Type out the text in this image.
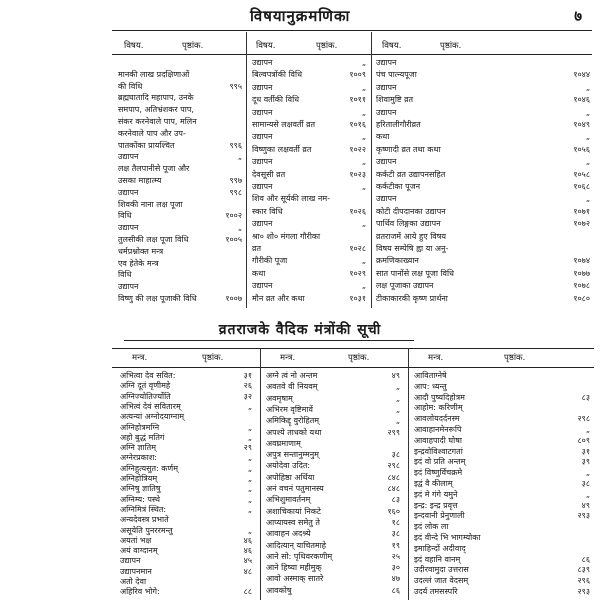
विषयानुक्रमणिका	७
विषय.	पृष्ठांक.	विषय.	पृष्ठांक.	विषय.	पृष्ठांक.
मानकी लाख प्रदक्षिणाओं
की विधि	९९५
ब्रह्मघातादि महापाप, उनके
समपाप, अतिभ्रंशकर पाप,
संकर करनेवाले पाप, मलिन
करनेवाले पाप और उप-
पातकोंका प्रायश्चित	९९६
उद्यापन	„
लक्ष तैलपानीसे पूजा और
उसका माहात्म्य	९९७
उद्यापन	९९८
शिवकी नाना लक्ष पूजा
विधि	१००२
उद्यापन	„
तुलसीकी लक्ष पूजा विधि	१००५
धर्मप्रश्नोक्त मन्त्र
एव हेतेके मन्त्र
विधि
उद्यापन
विष्णु की लक्ष पूजाकी विधि	१००७
उद्यापन	„
बिल्वपत्रोंकी विधि	१००९
उद्यापन	„
दूध वर्तीकी विधि	१०११
उद्यापन	„
सामान्यसे लक्षवर्ती व्रत	१०१६
उद्यापन	„
विष्णुका लक्षवर्ती व्रत	१०२२
उद्यापन	„
देवसूसी व्रत	१०२३
उद्यापन	„
शिव और सूर्यकी लाख नम-
स्कार विधि	१०२६
उद्यापन	„
श्रा० शो० मंगला गौरीका
व्रत	१०२८
गौरीकी पूजा	„
कथा	१०२९
उद्यापन	„
मौन व्रत और कथा	१०३१
उद्यापन
पंच पात्न्यपूजा	१०४४
उद्यापन	„
शिवामुष्टि व्रत	१०४६
उद्यापन	„
हरितालीगौरीव्रत	१०४९
कथा	„
कृष्णादी व्रत तथा कथा	१०५६
उद्यापन	„
कर्कटी व्रत उद्यापनसहित	१०५८
कर्कटीका पूजन	१०६८
उद्यापन	„
कोटी दीपदानका उद्यापन	१०७१
पार्थिव लिङ्गका उद्यापन	१०७२
व्रतराजमें आये हुए विषय
विषय सम्पेषि ह्वा या अनु-
क्रमणिकाख्यान	१०७४
सात पानोंसे लक्ष पूजा विधि	१०७७
लक्ष पूजाका उद्यापन	१०७८
टीकाकारकी कृष्ण प्रार्थना	१०८०
व्रतराजके वैदिक मंत्रोंकी सूची
मन्त्र.	पृष्ठांक.	मन्त्र.	पृष्ठांक.	मन्त्र.	पृष्ठांक.
अभित्वा देव सवित:	३१
अग्नि दूतं वृणीमहे	२६
अग्निज्योतिर्ज्योति	३२
अभित्वं देवं सवितारम्	„
अत्यन्यां अग्नोदयाग्नाम्
अग्निहोत्रमग्नि	„
अहो बुद्धं मतिगं	„
अग्नि ज्ञातिम्	२९
अग्नेरप्रकाश:	„
अग्निहुत्यसुत: कर्णम्	„
अग्निहोत्रियम्	„
अग्निषु ज्ञातिषु	„
अग्निम्य: पस्थे	„
अग्निमित्रं स्थित:	„
अन्यदेवस्त्र प्रभाते
असूयेति पुनररमन्तु	„
अयतां भक्ष	४६
अयं वाग्दानम्	४६
उद्यापन	४५
उद्यापनमान	४८
अतो देवा
अहिरिव भोगे:	८८
अग्ने त्वं नो अन्तम	४९
अवतवे वी नियवम्	„
अवमृषाम्	„
अभिरम वृष्टिमावें	„
अमिकिद्दृ वुरोहितम्	„
अपश्ये ताधको यथा	२९९
अवघ्रमाणाम्
अपुत्र सन्तानुम्मनुम्	३८
अयोदेवा उदित:	२९८
अपोहिष्ठा अर्थिया	८४८
अनं वचनं पतुमानस्य	८४८
अभिशुमावर्तनम्	८३
अशाचिकायां निकटे	१६०
आप्यायस्व समेतु ते	१८
आवाहन अदश्र्ये	३८
आदित्यान् याचितमाहे	१९
आने सो: पृथिवरकणीम्	२५
आने हिष्या महीमुक्	३०
आवो अस्माक् सातरे	४७
आवकोषु	८६
आविताग्नेषे
आप: ध्यन्तु
आदौ पुष्यदिहोत्रम	८३
आहोम: करिणीम्
आवलोयदर्दनस्म	२९८
आवाहानमेनरूपि	„
आवाहपादी घोषा	८०९
इन्द्रवोविश्वाटगतां	३१
इदं वो प्रति अन्तम्	३९
इदं विष्णुर्विचक्रमे	„
इद्वं वै कीलाम्	३८
इदं मे गंगे यमुने	„
इन्द्र: इन्द्र प्रवृत्त	४९
इन्दवानी प्रेनुणाली	२९३
इदं लोक ला
इदं वीन्दे भि भागम्योका
इमाहिन्दों अदीवाद्
इदं वहानि वानम्	८६
उदीरवामुदा उत्तरास	८३९
उदल्लं जात वेदसम्	२९६
उदर्य तमसस्परि	२९३
